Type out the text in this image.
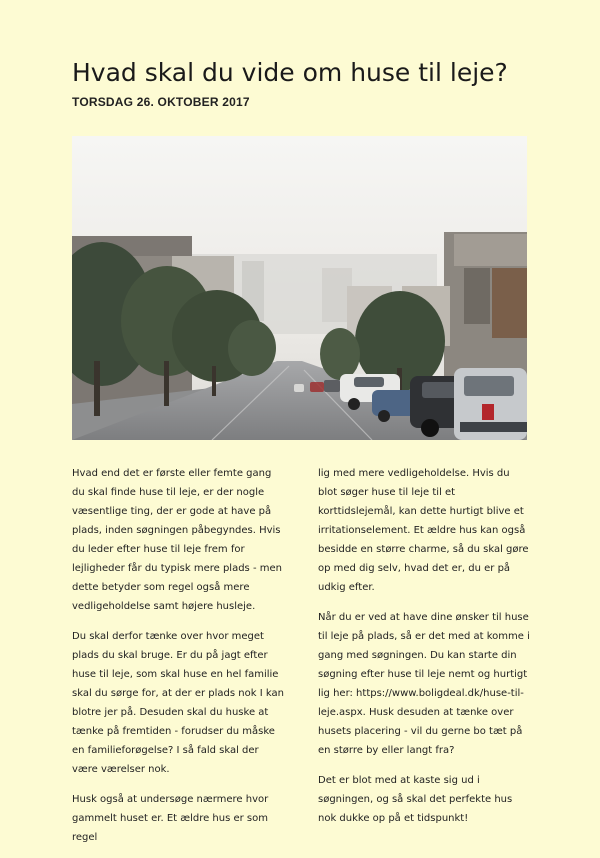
Hvad skal du vide om huse til leje?
TORSDAG 26. OKTOBER 2017

Hvad end det er første eller femte gang du skal finde huse til leje, er der nogle væsentlige ting, der er gode at have på plads, inden søgningen påbegyndes. Hvis du leder efter huse til leje frem for lejligheder får du typisk mere plads - men dette betyder som regel også mere vedligeholdelse samt højere husleje.

Du skal derfor tænke over hvor meget plads du skal bruge. Er du på jagt efter huse til leje, som skal huse en hel familie skal du sørge for, at der er plads nok I kan blotre jer på. Desuden skal du huske at tænke på fremtiden - forudser du måske en familieforøgelse? I så fald skal der være værelser nok.

Husk også at undersøge nærmere hvor gammelt huset er. Et ældre hus er som regel

lig med mere vedligeholdelse. Hvis du blot søger huse til leje til et korttidslejemål, kan dette hurtigt blive et irritationselement. Et ældre hus kan også besidde en større charme, så du skal gøre op med dig selv, hvad det er, du er på udkig efter.

Når du er ved at have dine ønsker til huse til leje på plads, så er det med at komme i gang med søgningen. Du kan starte din søgning efter huse til leje nemt og hurtigt lig her: https://www.boligdeal.dk/huse-til-leje.aspx. Husk desuden at tænke over husets placering - vil du gerne bo tæt på en større by eller langt fra?

Det er blot med at kaste sig ud i søgningen, og så skal det perfekte hus nok dukke op på et tidspunkt!
